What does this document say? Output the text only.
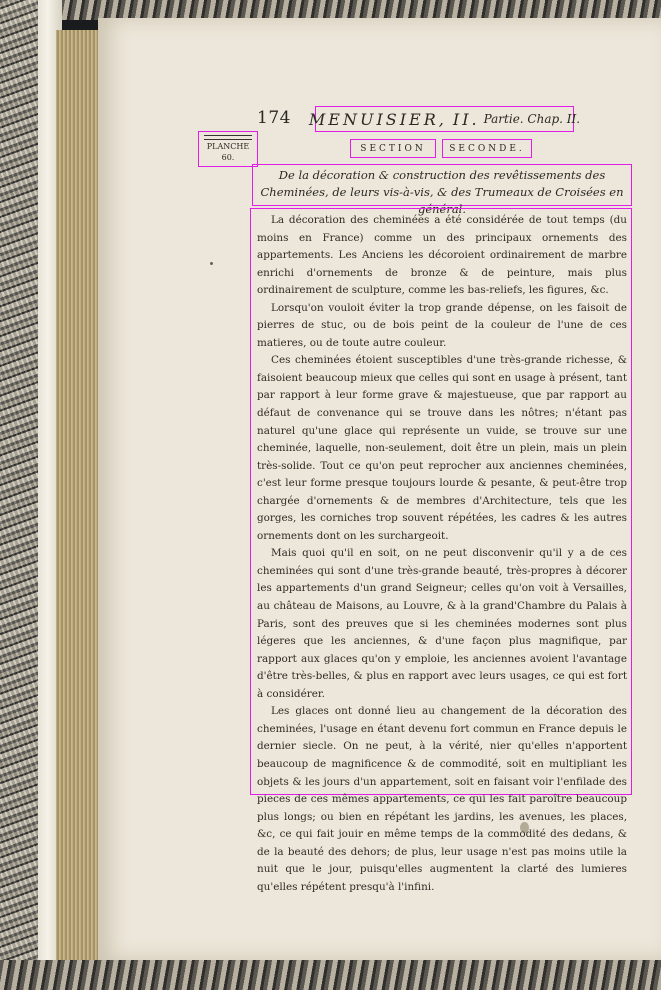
174 MENUISIER, II. Partie. Chap. II.
PLANCHE
60.
SECTION	SECONDE.
De la décoration & construction des revêtissements des Cheminées, de leurs vis-à-vis, & des Trumeaux de Croisées en général.

La décoration des cheminées a été considérée de tout temps (du moins en France) comme un des principaux ornements des appartements. Les Anciens les décoroient ordinairement de marbre enrichi d'ornements de bronze & de peinture, mais plus ordinairement de sculpture, comme les bas-reliefs, les figures, &c.

Lorsqu'on vouloit éviter la trop grande dépense, on les faisoit de pierres de stuc, ou de bois peint de la couleur de l'une de ces matieres, ou de toute autre couleur.

Ces cheminées étoient susceptibles d'une très-grande richesse, & faisoient beaucoup mieux que celles qui sont en usage à présent, tant par rapport à leur forme grave & majestueuse, que par rapport au défaut de convenance qui se trouve dans les nôtres; n'étant pas naturel qu'une glace qui représente un vuide, se trouve sur une cheminée, laquelle, non-seulement, doit être un plein, mais un plein très-solide. Tout ce qu'on peut reprocher aux anciennes cheminées, c'est leur forme presque toujours lourde & pesante, & peut-être trop chargée d'ornements & de membres d'Architecture, tels que les gorges, les corniches trop souvent répétées, les cadres & les autres ornements dont on les surchargeoit.

Mais quoi qu'il en soit, on ne peut disconvenir qu'il y a de ces cheminées qui sont d'une très-grande beauté, très-propres à décorer les appartements d'un grand Seigneur; celles qu'on voit à Versailles, au château de Maisons, au Louvre, & à la grand'Chambre du Palais à Paris, sont des preuves que si les cheminées modernes sont plus légeres que les anciennes, & d'une façon plus magnifique, par rapport aux glaces qu'on y emploie, les anciennes avoient l'avantage d'être très-belles, & plus en rapport avec leurs usages, ce qui est fort à considérer.

Les glaces ont donné lieu au changement de la décoration des cheminées, l'usage en étant devenu fort commun en France depuis le dernier siecle. On ne peut, à la vérité, nier qu'elles n'apportent beaucoup de magnificence & de commodité, soit en multipliant les objets & les jours d'un appartement, soit en faisant voir l'enfilade des pieces de ces mêmes appartements, ce qui les fait paroître beaucoup plus longs; ou bien en répétant les jardins, les avenues, les places, &c, ce qui fait jouir en même temps de la commodité des dedans, & de la beauté des dehors; de plus, leur usage n'est pas moins utile la nuit que le jour, puisqu'elles augmentent la clarté des lumieres qu'elles répétent presqu'à l'infini.
